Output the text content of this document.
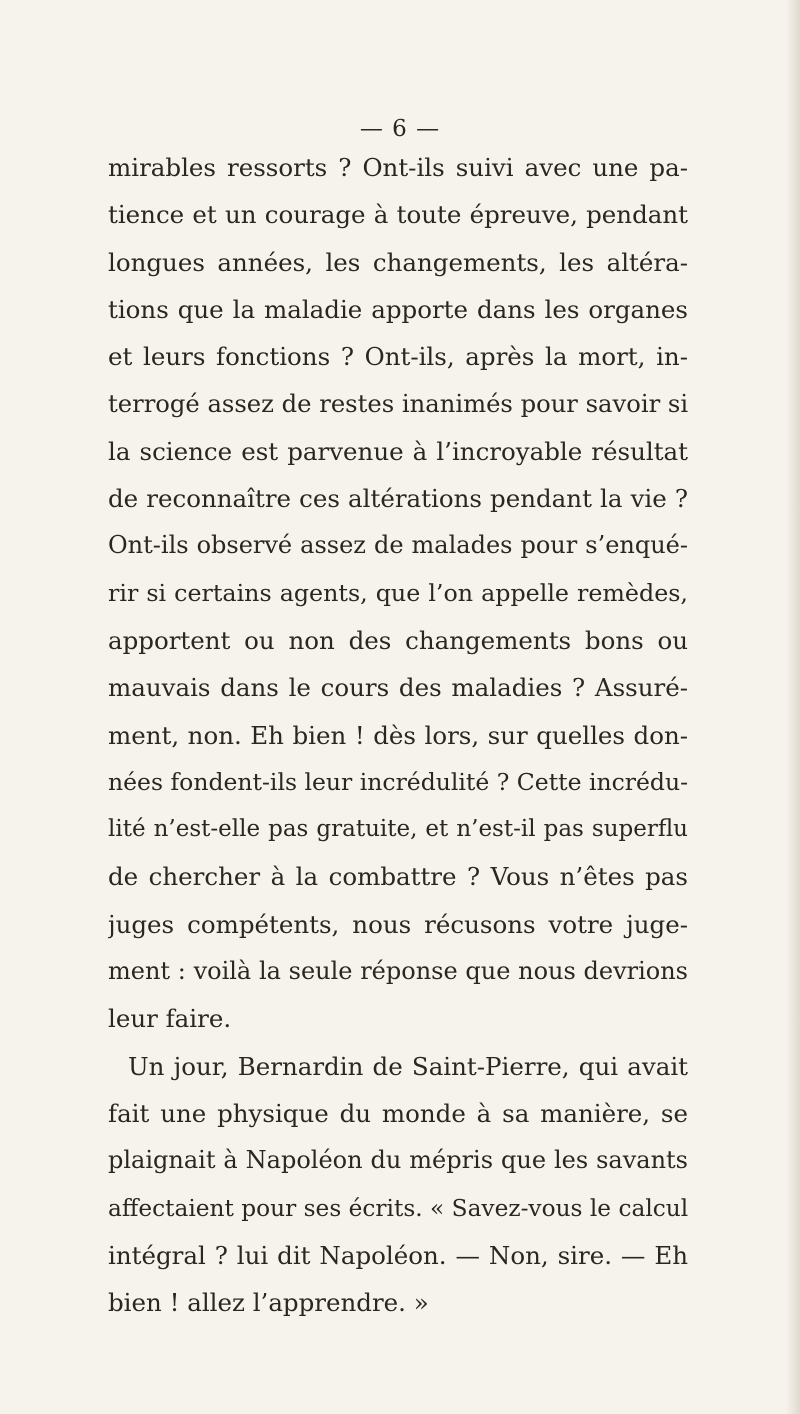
— 6 —
mirables ressorts ? Ont-ils suivi avec une pa-
tience et un courage à toute épreuve, pendant
longues années, les changements, les altéra-
tions que la maladie apporte dans les organes
et leurs fonctions ? Ont-ils, après la mort, in-
terrogé assez de restes inanimés pour savoir si
la science est parvenue à l’incroyable résultat
de reconnaître ces altérations pendant la vie ?
Ont-ils observé assez de malades pour s’enqué-
rir si certains agents, que l’on appelle remèdes,
apportent ou non des changements bons ou
mauvais dans le cours des maladies ? Assuré-
ment, non. Eh bien ! dès lors, sur quelles don-
nées fondent-ils leur incrédulité ? Cette incrédu-
lité n’est-elle pas gratuite, et n’est-il pas superflu
de chercher à la combattre ? Vous n’êtes pas
juges compétents, nous récusons votre juge-
ment : voilà la seule réponse que nous devrions
leur faire.
Un jour, Bernardin de Saint-Pierre, qui avait
fait une physique du monde à sa manière, se
plaignait à Napoléon du mépris que les savants
affectaient pour ses écrits. « Savez-vous le calcul
intégral ? lui dit Napoléon. — Non, sire. — Eh
bien ! allez l’apprendre. »
